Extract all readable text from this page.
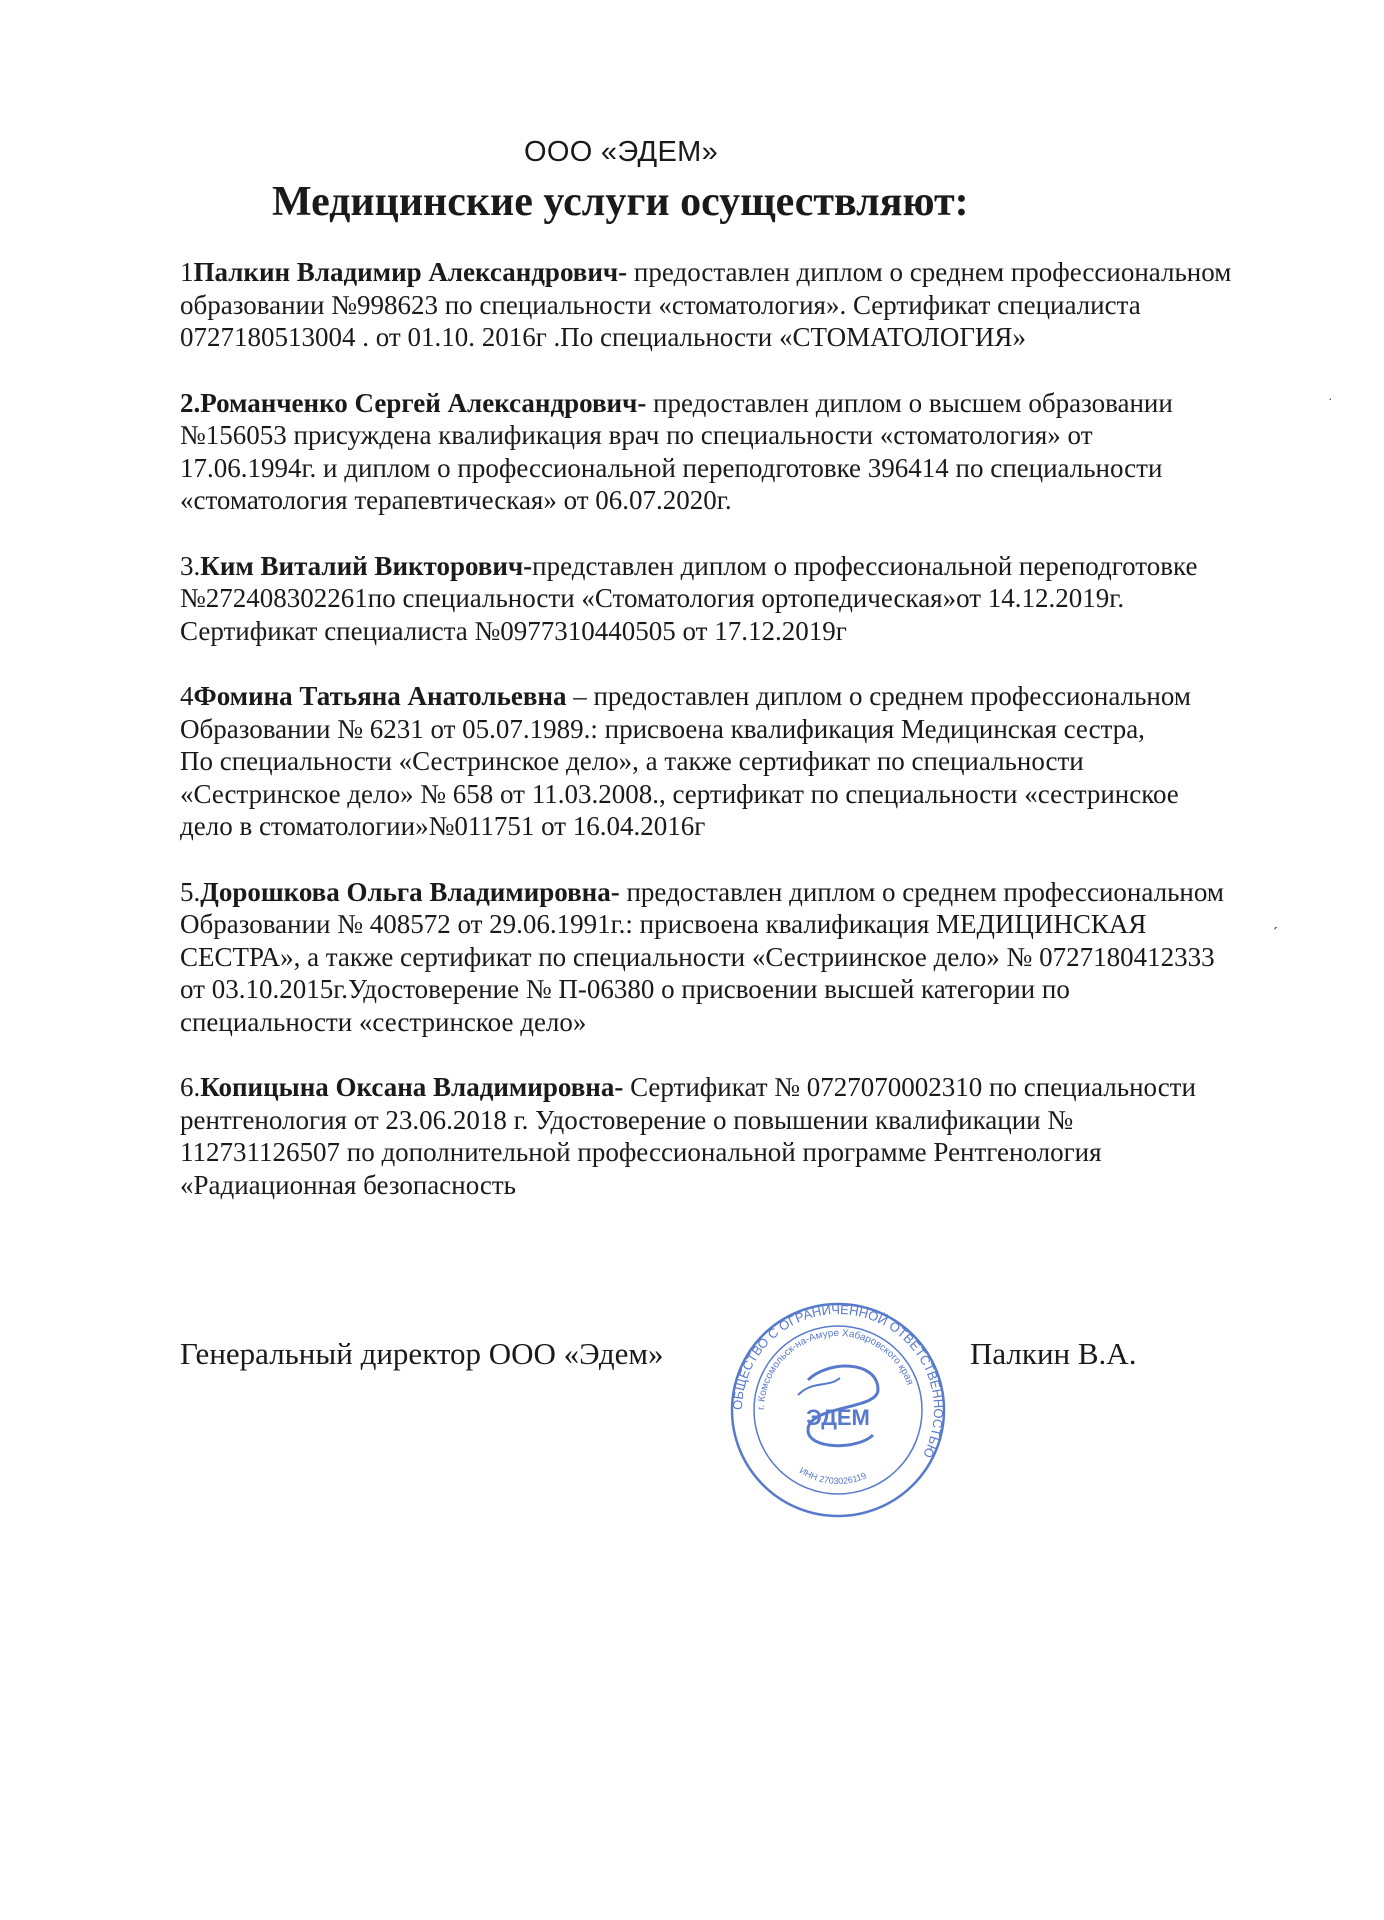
ООО «ЭДЕМ»
Медицинские услуги осуществляют:
1Палкин Владимир Александрович- предоставлен диплом о среднем профессиональном
образовании №998623 по специальности «стоматология». Сертификат специалиста
0727180513004 . от 01.10. 2016г .По специальности «СТОМАТОЛОГИЯ»
2.Романченко Сергей Александрович- предоставлен диплом о высшем образовании
№156053 присуждена квалификация врач по специальности «стоматология» от
17.06.1994г. и диплом о профессиональной переподготовке 396414 по специальности
«стоматология терапевтическая» от 06.07.2020г.
3.Ким Виталий Викторович-представлен диплом о профессиональной переподготовке
№272408302261по специальности «Стоматология ортопедическая»от 14.12.2019г.
Сертификат специалиста №0977310440505 от 17.12.2019г
4Фомина Татьяна Анатольевна – предоставлен диплом о среднем профессиональном
Образовании № 6231 от 05.07.1989.: присвоена квалификация Медицинская сестра,
По специальности «Сестринское дело», а также сертификат по специальности
«Сестринское дело» № 658 от 11.03.2008., сертификат по специальности «сестринское
дело в стоматологии»№011751 от 16.04.2016г
5.Дорошкова Ольга Владимировна- предоставлен диплом о среднем профессиональном
Образовании № 408572 от 29.06.1991г.: присвоена квалификация МЕДИЦИНСКАЯ
СЕСТРА», а также сертификат по специальности «Сестриинское дело» № 0727180412333
от 03.10.2015г.Удостоверение № П-06380 о присвоении высшей категории по
специальности «сестринское дело»
6.Копицына Оксана Владимировна- Сертификат № 0727070002310 по специальности
рентгенология от 23.06.2018 г. Удостоверение о повышении квалификации №
112731126507 по дополнительной профессиональной программе Рентгенология
«Радиационная безопасность
Генеральный директор ООО «Эдем»	Палкин В.А.
ОБЩЕСТВО С ОГРАНИЧЕННОЙ ОТВЕТСТВЕННОСТЬЮ
г. Комсомольск-на-Амуре Хабаровского края
ИНН 2703026119
ЭДЕМ
·
ˏ
